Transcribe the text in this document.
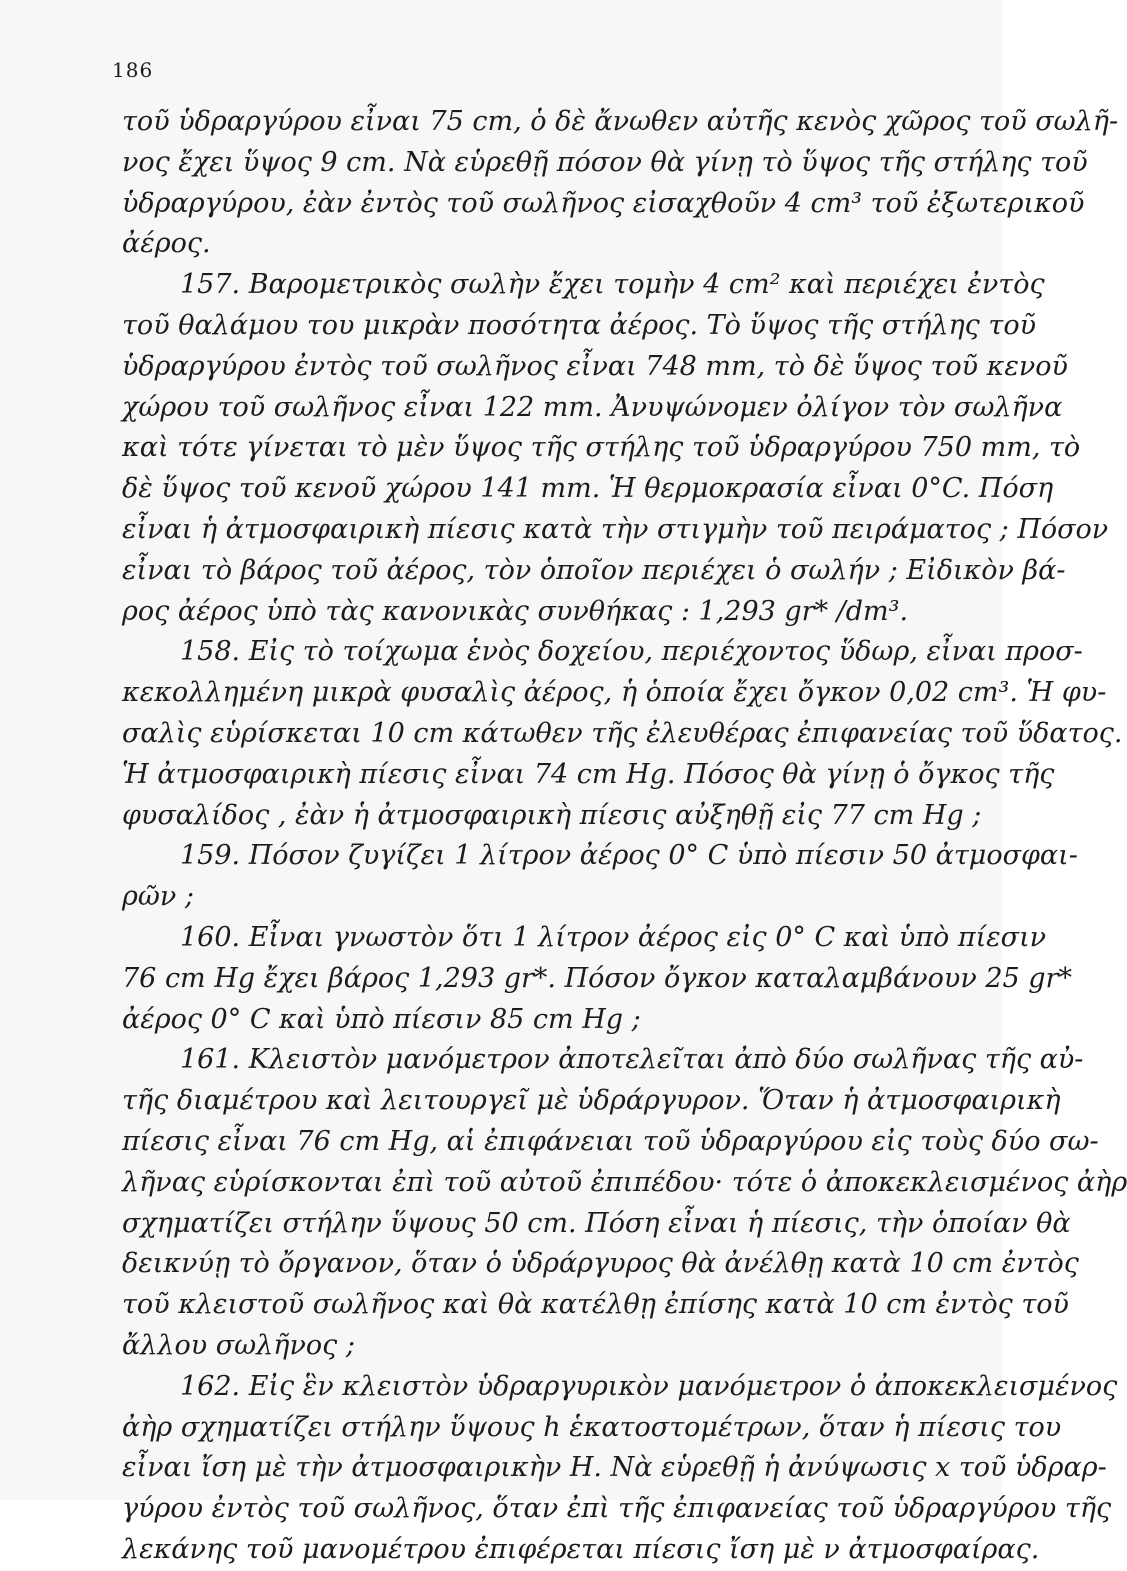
186
τοῦ ὑδραργύρου εἶναι 75 cm, ὁ δὲ ἄνωθεν αὐτῆς κενὸς χῶρος τοῦ σωλῆ-
νος ἔχει ὕψος 9 cm. Νὰ εὑρεθῇ πόσον θὰ γίνῃ τὸ ὕψος τῆς στήλης τοῦ
ὑδραργύρου, ἐὰν ἐντὸς τοῦ σωλῆνος εἰσαχθοῦν 4 cm³ τοῦ ἐξωτερικοῦ
ἀέρος.
157. Βαρομετρικὸς σωλὴν ἔχει τομὴν 4 cm² καὶ περιέχει ἐντὸς
τοῦ θαλάμου του μικρὰν ποσότητα ἀέρος. Τὸ ὕψος τῆς στήλης τοῦ
ὑδραργύρου ἐντὸς τοῦ σωλῆνος εἶναι 748 mm, τὸ δὲ ὕψος τοῦ κενοῦ
χώρου τοῦ σωλῆνος εἶναι 122 mm. Ἀνυψώνομεν ὀλίγον τὸν σωλῆνα
καὶ τότε γίνεται τὸ μὲν ὕψος τῆς στήλης τοῦ ὑδραργύρου 750 mm, τὸ
δὲ ὕψος τοῦ κενοῦ χώρου 141 mm. Ἡ θερμοκρασία εἶναι 0°C. Πόση
εἶναι ἡ ἀτμοσφαιρικὴ πίεσις κατὰ τὴν στιγμὴν τοῦ πειράματος ; Πόσον
εἶναι τὸ βάρος τοῦ ἀέρος, τὸν ὁποῖον περιέχει ὁ σωλήν ; Εἰδικὸν βά-
ρος ἀέρος ὑπὸ τὰς κανονικὰς συνθήκας : 1,293 gr* /dm³.
158. Εἰς τὸ τοίχωμα ἑνὸς δοχείου, περιέχοντος ὕδωρ, εἶναι προσ-
κεκολλημένη μικρὰ φυσαλὶς ἀέρος, ἡ ὁποία ἔχει ὄγκον 0,02 cm³. Ἡ φυ-
σαλὶς εὑρίσκεται 10 cm κάτωθεν τῆς ἐλευθέρας ἐπιφανείας τοῦ ὕδατος.
Ἡ ἀτμοσφαιρικὴ πίεσις εἶναι 74 cm Hg. Πόσος θὰ γίνῃ ὁ ὄγκος τῆς
φυσαλίδος , ἐὰν ἡ ἀτμοσφαιρικὴ πίεσις αὐξηθῇ εἰς 77 cm Hg ;
159. Πόσον ζυγίζει 1 λίτρον ἀέρος 0° C ὑπὸ πίεσιν 50 ἀτμοσφαι-
ρῶν ;
160. Εἶναι γνωστὸν ὅτι 1 λίτρον ἀέρος εἰς 0° C καὶ ὑπὸ πίεσιν
76 cm Hg ἔχει βάρος 1,293 gr*. Πόσον ὄγκον καταλαμβάνουν 25 gr*
ἀέρος 0° C καὶ ὑπὸ πίεσιν 85 cm Hg ;
161. Κλειστὸν μανόμετρον ἀποτελεῖται ἀπὸ δύο σωλῆνας τῆς αὐ-
τῆς διαμέτρου καὶ λειτουργεῖ μὲ ὑδράργυρον. Ὅταν ἡ ἀτμοσφαιρικὴ
πίεσις εἶναι 76 cm Hg, αἱ ἐπιφάνειαι τοῦ ὑδραργύρου εἰς τοὺς δύο σω-
λῆνας εὑρίσκονται ἐπὶ τοῦ αὐτοῦ ἐπιπέδου· τότε ὁ ἀποκεκλεισμένος ἀὴρ
σχηματίζει στήλην ὕψους 50 cm. Πόση εἶναι ἡ πίεσις, τὴν ὁποίαν θὰ
δεικνύῃ τὸ ὄργανον, ὅταν ὁ ὑδράργυρος θὰ ἀνέλθῃ κατὰ 10 cm ἐντὸς
τοῦ κλειστοῦ σωλῆνος καὶ θὰ κατέλθῃ ἐπίσης κατὰ 10 cm ἐντὸς τοῦ
ἄλλου σωλῆνος ;
162. Εἰς ἓν κλειστὸν ὑδραργυρικὸν μανόμετρον ὁ ἀποκεκλεισμένος
ἀὴρ σχηματίζει στήλην ὕψους h ἑκατοστομέτρων, ὅταν ἡ πίεσις του
εἶναι ἴση μὲ τὴν ἀτμοσφαιρικὴν H. Νὰ εὑρεθῇ ἡ ἀνύψωσις x τοῦ ὑδραρ-
γύρου ἐντὸς τοῦ σωλῆνος, ὅταν ἐπὶ τῆς ἐπιφανείας τοῦ ὑδραργύρου τῆς
λεκάνης τοῦ μανομέτρου ἐπιφέρεται πίεσις ἴση μὲ ν ἀτμοσφαίρας.
